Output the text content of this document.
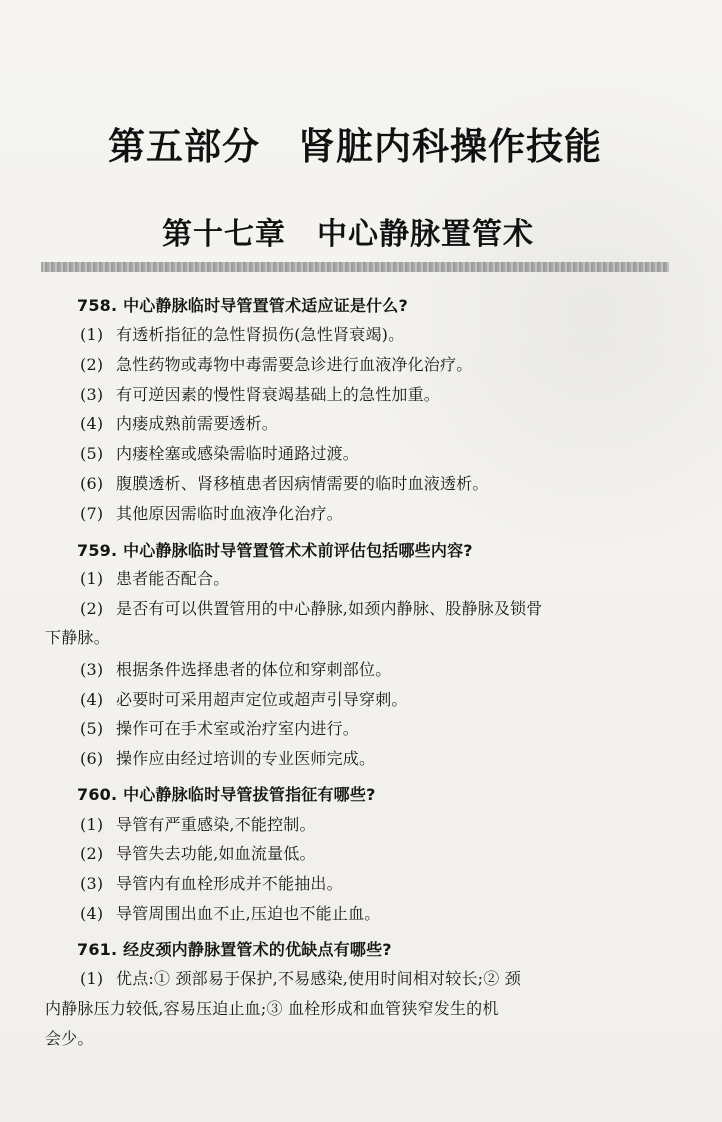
第五部分　肾脏内科操作技能
第十七章　中心静脉置管术
758. 中心静脉临时导管置管术适应证是什么?
(1) 有透析指征的急性肾损伤(急性肾衰竭)。
(2) 急性药物或毒物中毒需要急诊进行血液净化治疗。
(3) 有可逆因素的慢性肾衰竭基础上的急性加重。
(4) 内瘘成熟前需要透析。
(5) 内瘘栓塞或感染需临时通路过渡。
(6) 腹膜透析、肾移植患者因病情需要的临时血液透析。
(7) 其他原因需临时血液净化治疗。
759. 中心静脉临时导管置管术术前评估包括哪些内容?
(1) 患者能否配合。
(2) 是否有可以供置管用的中心静脉,如颈内静脉、股静脉及锁骨
下静脉。
(3) 根据条件选择患者的体位和穿刺部位。
(4) 必要时可采用超声定位或超声引导穿刺。
(5) 操作可在手术室或治疗室内进行。
(6) 操作应由经过培训的专业医师完成。
760. 中心静脉临时导管拔管指征有哪些?
(1) 导管有严重感染,不能控制。
(2) 导管失去功能,如血流量低。
(3) 导管内有血栓形成并不能抽出。
(4) 导管周围出血不止,压迫也不能止血。
761. 经皮颈内静脉置管术的优缺点有哪些?
(1) 优点:① 颈部易于保护,不易感染,使用时间相对较长;② 颈
内静脉压力较低,容易压迫止血;③ 血栓形成和血管狭窄发生的机
会少。
